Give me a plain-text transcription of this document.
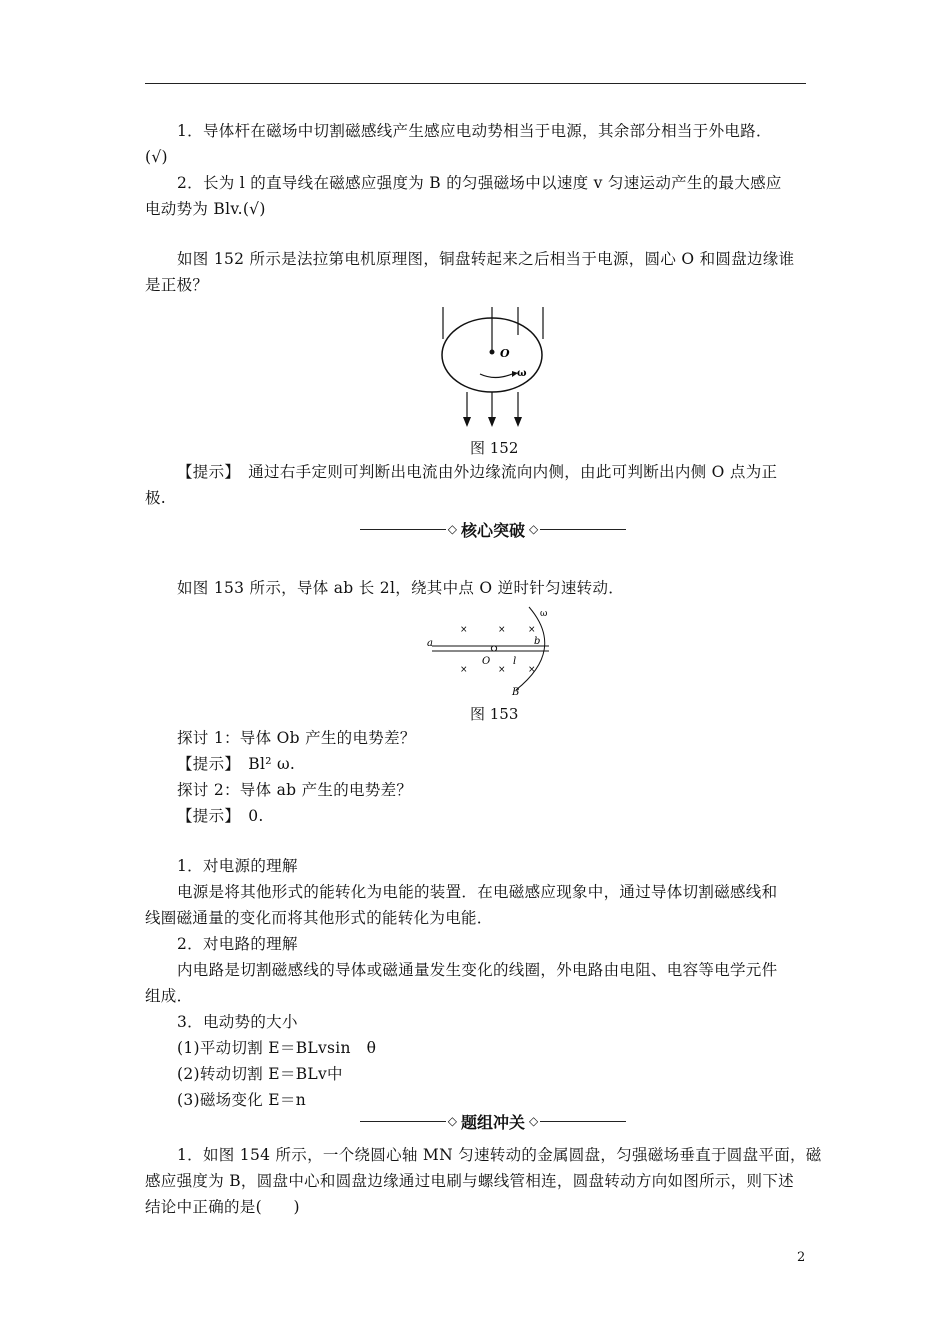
1．导体杆在磁场中切割磁感线产生感应电动势相当于电源，其余部分相当于外电路．
(√)
2．长为 l 的直导线在磁感应强度为 B 的匀强磁场中以速度 v 匀速运动产生的最大感应
电动势为 Blv.(√)
如图 152 所示是法拉第电机原理图，铜盘转起来之后相当于电源，圆心 O 和圆盘边缘谁
是正极？
O
ω
图 152
【提示】　通过右手定则可判断出电流由外边缘流向内侧，由此可判断出内侧 O 点为正
极.
◇ 核心突破 ◇
如图 153 所示，导体 ab 长 2l，绕其中点 O 逆时针匀速转动．
×	× ×
×	× ×
a	b
O l
B
ω
图 153
探讨 1：导体 Ob 产生的电势差？
【提示】　Bl² ω.
探讨 2：导体 ab 产生的电势差？
【提示】　0.
1．对电源的理解
电源是将其他形式的能转化为电能的装置．在电磁感应现象中，通过导体切割磁感线和
线圈磁通量的变化而将其他形式的能转化为电能．
2．对电路的理解
内电路是切割磁感线的导体或磁通量发生变化的线圈，外电路由电阻、电容等电学元件
组成．
3．电动势的大小
(1)平动切割 E＝BLvsin　θ
(2)转动切割 E＝BLv中
(3)磁场变化 E＝n
◇ 题组冲关 ◇
1．如图 154 所示，一个绕圆心轴 MN 匀速转动的金属圆盘，匀强磁场垂直于圆盘平面，磁
感应强度为 B，圆盘中心和圆盘边缘通过电刷与螺线管相连，圆盘转动方向如图所示，则下述
结论中正确的是(　　)
2
